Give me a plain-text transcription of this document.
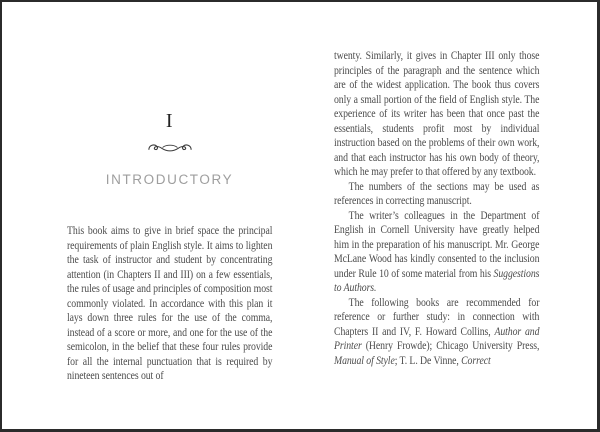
I
INTRODUCTORY

This book aims to give in brief space the principal requirements of plain English style. It aims to lighten the task of instructor and student by concentrating attention (in Chapters II and III) on a few essentials, the rules of usage and principles of composition most commonly violated. In accordance with this plan it lays down three rules for the use of the comma, instead of a score or more, and one for the use of the semicolon, in the belief that these four rules provide for all the internal punctuation that is required by nineteen sentences out of

twenty. Similarly, it gives in Chapter III only those principles of the paragraph and the sentence which are of the widest application. The book thus covers only a small portion of the field of English style. The experience of its writer has been that once past the essentials, students profit most by individual instruction based on the problems of their own work, and that each instructor has his own body of theory, which he may prefer to that offered by any textbook.

The numbers of the sections may be used as references in correcting manuscript.

The writer’s colleagues in the Department of English in Cornell University have greatly helped him in the preparation of his manuscript. Mr. George McLane Wood has kindly consented to the inclusion under Rule 10 of some material from his Suggestions to Authors.

The following books are recommended for reference or further study: in connection with Chapters II and IV, F. Howard Collins, Author and Printer (Henry Frowde); Chicago University Press, Manual of Style; T. L. De Vinne, Correct
